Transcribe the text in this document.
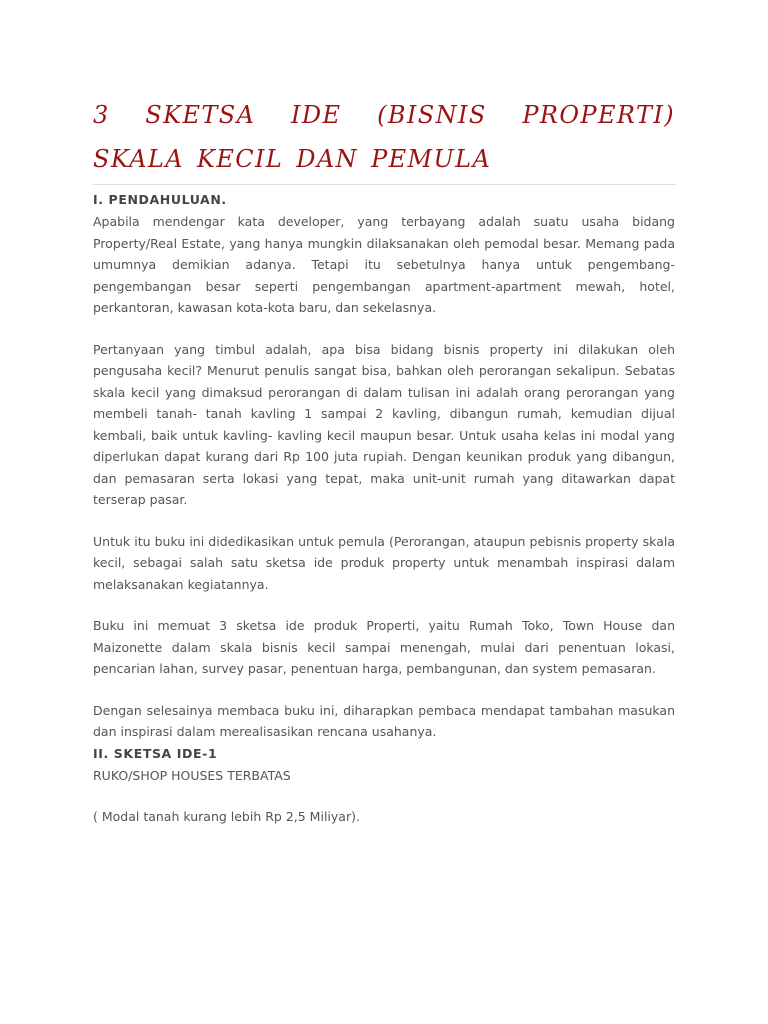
3 SKETSA IDE (BISNIS PROPERTI) SKALA KECIL DAN PEMULA
I. PENDAHULUAN.

Apabila mendengar kata developer, yang terbayang adalah suatu usaha bidang Property/Real Estate, yang hanya mungkin dilaksanakan oleh pemodal besar. Memang pada umumnya demikian adanya. Tetapi itu sebetulnya hanya untuk pengembang-pengembangan besar seperti pengembangan apartment-apartment mewah, hotel, perkantoran, kawasan kota-kota baru, dan sekelasnya.

Pertanyaan yang timbul adalah, apa bisa bidang bisnis property ini dilakukan oleh pengusaha kecil? Menurut penulis sangat bisa, bahkan oleh perorangan sekalipun. Sebatas skala kecil yang dimaksud perorangan di dalam tulisan ini adalah orang perorangan yang membeli tanah- tanah kavling 1 sampai 2 kavling, dibangun rumah, kemudian dijual kembali, baik untuk kavling- kavling kecil maupun besar. Untuk usaha kelas ini modal yang diperlukan dapat kurang dari Rp 100 juta rupiah. Dengan keunikan produk yang dibangun, dan pemasaran serta lokasi yang tepat, maka unit-unit rumah yang ditawarkan dapat terserap pasar.

Untuk itu buku ini didedikasikan untuk pemula (Perorangan, ataupun pebisnis property skala kecil, sebagai salah satu sketsa ide produk property untuk menambah inspirasi dalam melaksanakan kegiatannya.

Buku ini memuat 3 sketsa ide produk Properti, yaitu Rumah Toko, Town House dan Maizonette dalam skala bisnis kecil sampai menengah, mulai dari penentuan lokasi, pencarian lahan, survey pasar, penentuan harga, pembangunan, dan system pemasaran.

Dengan selesainya membaca buku ini, diharapkan pembaca mendapat tambahan masukan dan inspirasi dalam merealisasikan rencana usahanya.

II. SKETSA IDE-1

RUKO/SHOP HOUSES TERBATAS

( Modal tanah kurang lebih Rp 2,5 Miliyar).
